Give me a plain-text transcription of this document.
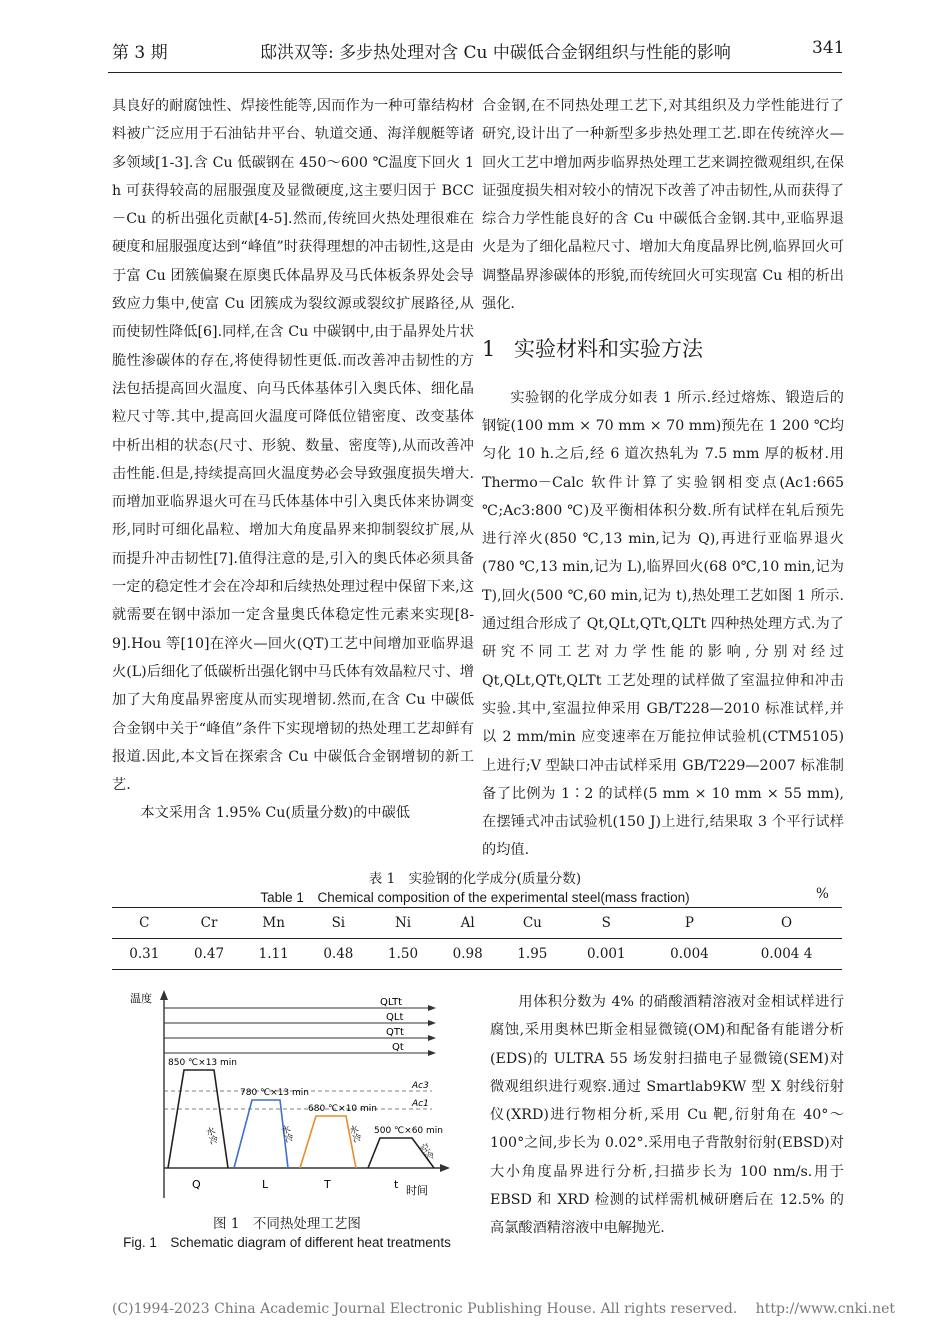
第 3 期	邸洪双等: 多步热处理对含 Cu 中碳低合金钢组织与性能的影响	341

具良好的耐腐蚀性、焊接性能等,因而作为一种可靠结构材料被广泛应用于石油钻井平台、轨道交通、海洋舰艇等诸多领域[1-3].含 Cu 低碳钢在 450～600 ℃温度下回火 1 h 可获得较高的屈服强度及显微硬度,这主要归因于 BCC－Cu 的析出强化贡献[4-5].然而,传统回火热处理很难在硬度和屈服强度达到“峰值”时获得理想的冲击韧性,这是由于富 Cu 团簇偏聚在原奥氏体晶界及马氏体板条界处会导致应力集中,使富 Cu 团簇成为裂纹源或裂纹扩展路径,从而使韧性降低[6].同样,在含 Cu 中碳钢中,由于晶界处片状脆性渗碳体的存在,将使得韧性更低.而改善冲击韧性的方法包括提高回火温度、向马氏体基体引入奥氏体、细化晶粒尺寸等.其中,提高回火温度可降低位错密度、改变基体中析出相的状态(尺寸、形貌、数量、密度等),从而改善冲击性能.但是,持续提高回火温度势必会导致强度损失增大.而增加亚临界退火可在马氏体基体中引入奥氏体来协调变形,同时可细化晶粒、增加大角度晶界来抑制裂纹扩展,从而提升冲击韧性[7].值得注意的是,引入的奥氏体必须具备一定的稳定性才会在冷却和后续热处理过程中保留下来,这就需要在钢中添加一定含量奥氏体稳定性元素来实现[8-9].Hou 等[10]在淬火—回火(QT)工艺中间增加亚临界退火(L)后细化了低碳析出强化钢中马氏体有效晶粒尺寸、增加了大角度晶界密度从而实现增韧.然而,在含 Cu 中碳低合金钢中关于“峰值”条件下实现增韧的热处理工艺却鲜有报道.因此,本文旨在探索含 Cu 中碳低合金钢增韧的新工艺.

本文采用含 1.95% Cu(质量分数)的中碳低

合金钢,在不同热处理工艺下,对其组织及力学性能进行了研究,设计出了一种新型多步热处理工艺.即在传统淬火—回火工艺中增加两步临界热处理工艺来调控微观组织,在保证强度损失相对较小的情况下改善了冲击韧性,从而获得了综合力学性能良好的含 Cu 中碳低合金钢.其中,亚临界退火是为了细化晶粒尺寸、增加大角度晶界比例,临界回火可调整晶界渗碳体的形貌,而传统回火可实现富 Cu 相的析出强化.

1 实验材料和实验方法

实验钢的化学成分如表 1 所示.经过熔炼、锻造后的钢锭(100 mm × 70 mm × 70 mm)预先在 1 200 ℃均匀化 10 h.之后,经 6 道次热轧为 7.5 mm 厚的板材.用 Thermo－Calc 软件计算了实验钢相变点(Ac1:665 ℃;Ac3:800 ℃)及平衡相体积分数.所有试样在轧后预先进行淬火(850 ℃,13 min,记为 Q),再进行亚临界退火(780 ℃,13 min,记为 L),临界回火(68 0℃,10 min,记为 T),回火(500 ℃,60 min,记为 t),热处理工艺如图 1 所示.通过组合形成了 Qt,QLt,QTt,QLTt 四种热处理方式.为了研究不同工艺对力学性能的影响,分别对经过 Qt,QLt,QTt,QLTt 工艺处理的试样做了室温拉伸和冲击实验.其中,室温拉伸采用 GB/T228—2010 标准试样,并以 2 mm/min 应变速率在万能拉伸试验机(CTM5105)上进行;V 型缺口冲击试样采用 GB/T229—2007 标准制备了比例为 1∶2 的试样(5 mm × 10 mm × 55 mm),在摆锤式冲击试验机(150 J)上进行,结果取 3 个平行试样的均值.

表 1　实验钢的化学成分(质量分数)
Table 1　Chemical composition of the experimental steel(mass fraction)	%
C	Cr	Mn	Si	Ni	Al	Cu	S	P	O
0.31	0.47	1.11	0.48	1.50	0.98	1.95	0.001	0.004	0.004 4
温度
时间
QLTt
QLt
QTt
Qt
Ac3
Ac1
850 ℃×13 min
水冷
780 ℃×13 min
水冷
680 ℃×10 min
水冷 500 ℃×60 min
空冷
Q	L	T	t
图 1　不同热处理工艺图
Fig. 1　Schematic diagram of different heat treatments

用体积分数为 4% 的硝酸酒精溶液对金相试样进行腐蚀,采用奥林巴斯金相显微镜(OM)和配备有能谱分析(EDS)的 ULTRA 55 场发射扫描电子显微镜(SEM)对微观组织进行观察.通过 Smartlab9KW 型 X 射线衍射仪(XRD)进行物相分析,采用 Cu 靶,衍射角在 40°～100°之间,步长为 0.02°.采用电子背散射衍射(EBSD)对大小角度晶界进行分析,扫描步长为 100 nm/s.用于 EBSD 和 XRD 检测的试样需机械研磨后在 12.5% 的高氯酸酒精溶液中电解抛光.

(C)1994-2023 China Academic Journal Electronic Publishing House. All rights reserved.　 http://www.cnki.net
